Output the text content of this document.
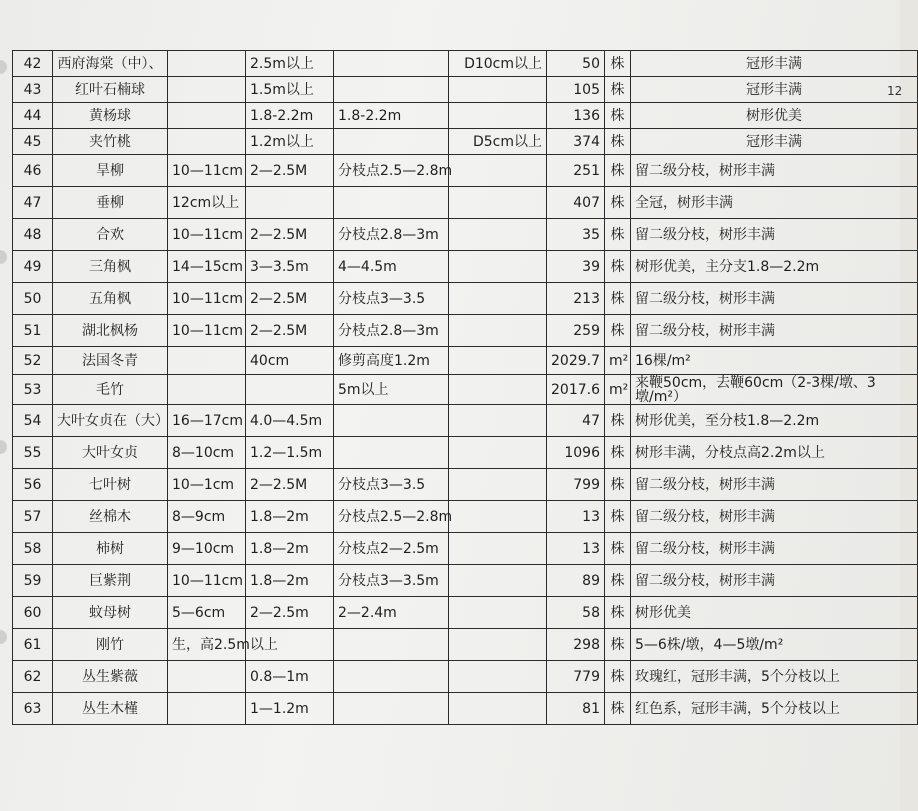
12
42	西府海棠（中）、		2.5m以上		D10cm以上	50	株	冠形丰满
43	红叶石楠球		1.5m以上			105	株	冠形丰满
44	黄杨球		1.8-2.2m	1.8-2.2m		136	株	树形优美
45	夹竹桃		1.2m以上		D5cm以上	374	株	冠形丰满
46	旱柳	10—11cm	2—2.5M	分枝点2.5—2.8m		251	株	留二级分枝，树形丰满
47	垂柳	12cm以上				407	株	全冠，树形丰满
48	合欢	10—11cm	2—2.5M	分枝点2.8—3m		35	株	留二级分枝，树形丰满
49	三角枫	14—15cm	3—3.5m	4—4.5m		39	株	树形优美，主分支1.8—2.2m
50	五角枫	10—11cm	2—2.5M	分枝点3—3.5		213	株	留二级分枝，树形丰满
51	湖北枫杨	10—11cm	2—2.5M	分枝点2.8—3m		259	株	留二级分枝，树形丰满
52	法国冬青		40cm	修剪高度1.2m		2029.7	m²	16棵/m²
53	毛竹			5m以上		2017.6	m²	来鞭50cm，去鞭60cm（2-3棵/墩、3墩/m²）
54	大叶女贞在（大）	16—17cm	4.0—4.5m			47	株	树形优美，至分枝1.8—2.2m
55	大叶女贞	8—10cm	1.2—1.5m			1096	株	树形丰满，分枝点高2.2m以上
56	七叶树	10—1cm	2—2.5M	分枝点3—3.5		799	株	留二级分枝，树形丰满
57	丝棉木	8—9cm	1.8—2m	分枝点2.5—2.8m		13	株	留二级分枝，树形丰满
58	柿树	9—10cm	1.8—2m	分枝点2—2.5m		13	株	留二级分枝，树形丰满
59	巨紫荆	10—11cm	1.8—2m	分枝点3—3.5m		89	株	留二级分枝，树形丰满
60	蚊母树	5—6cm	2—2.5m	2—2.4m		58	株	树形优美
61	刚竹	生，高2.5m以上				298	株	5—6株/墩，4—5墩/m²
62	丛生紫薇		0.8—1m			779	株	玫瑰红，冠形丰满，5个分枝以上
63	丛生木槿		1—1.2m			81	株	红色系，冠形丰满，5个分枝以上
